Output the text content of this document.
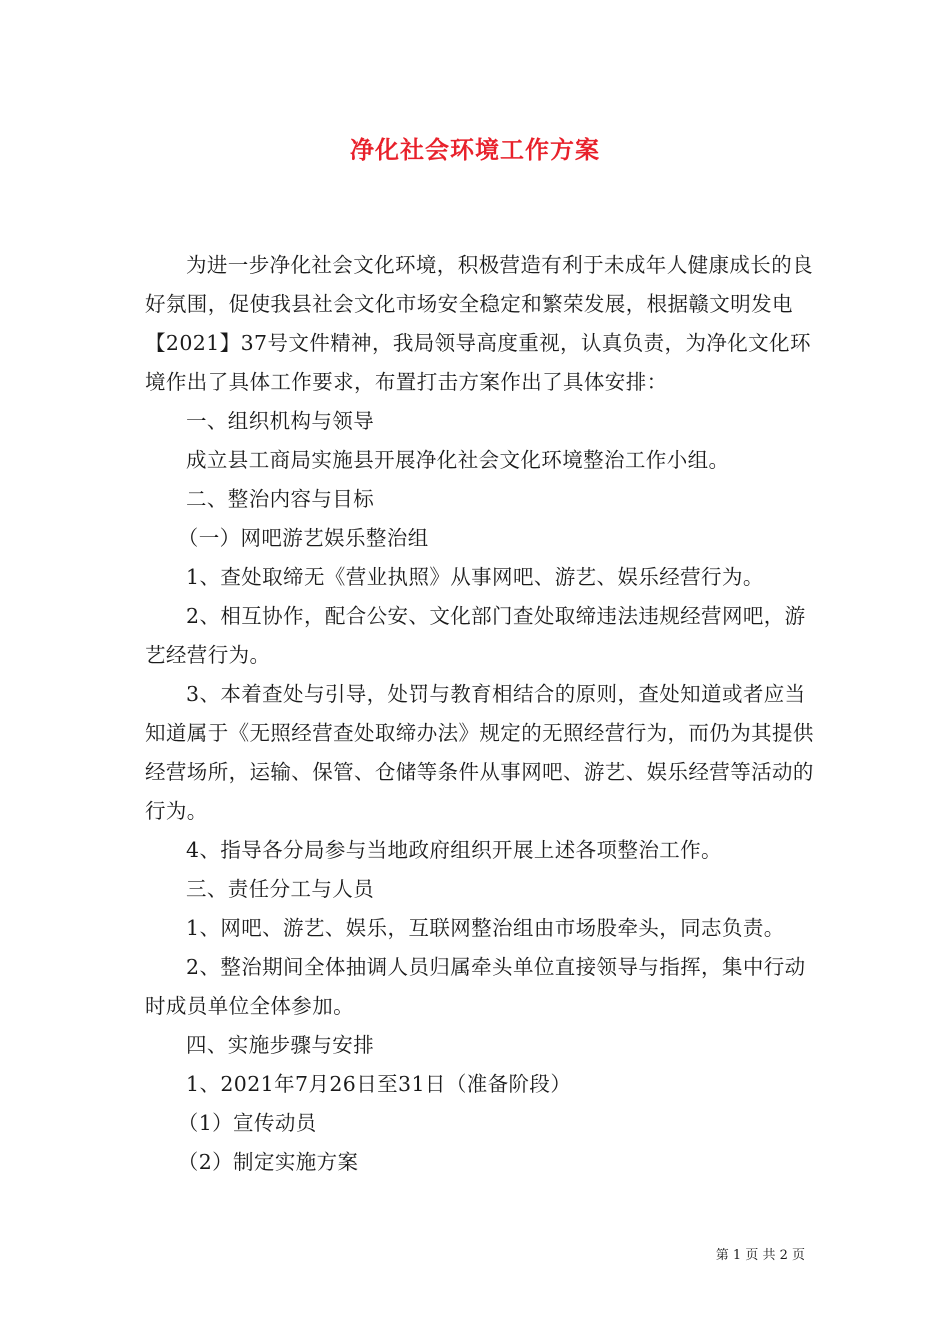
净化社会环境工作方案

为进一步净化社会文化环境，积极营造有利于未成年人健康成长的良好氛围，促使我县社会文化市场安全稳定和繁荣发展，根据赣文明发电【2021】37号文件精神，我局领导高度重视，认真负责，为净化文化环境作出了具体工作要求，布置打击方案作出了具体安排：

一、组织机构与领导

成立县工商局实施县开展净化社会文化环境整治工作小组。

二、整治内容与目标

（一）网吧游艺娱乐整治组

1、查处取缔无《营业执照》从事网吧、游艺、娱乐经营行为。

2、相互协作，配合公安、文化部门查处取缔违法违规经营网吧，游艺经营行为。

3、本着查处与引导，处罚与教育相结合的原则，查处知道或者应当知道属于《无照经营查处取缔办法》规定的无照经营行为，而仍为其提供经营场所，运输、保管、仓储等条件从事网吧、游艺、娱乐经营等活动的行为。

4、指导各分局参与当地政府组织开展上述各项整治工作。

三、责任分工与人员

1、网吧、游艺、娱乐，互联网整治组由市场股牵头，同志负责。

2、整治期间全体抽调人员归属牵头单位直接领导与指挥，集中行动时成员单位全体参加。

四、实施步骤与安排

1、2021年7月26日至31日（准备阶段）

（1）宣传动员

（2）制定实施方案

第 1 页 共 2 页
